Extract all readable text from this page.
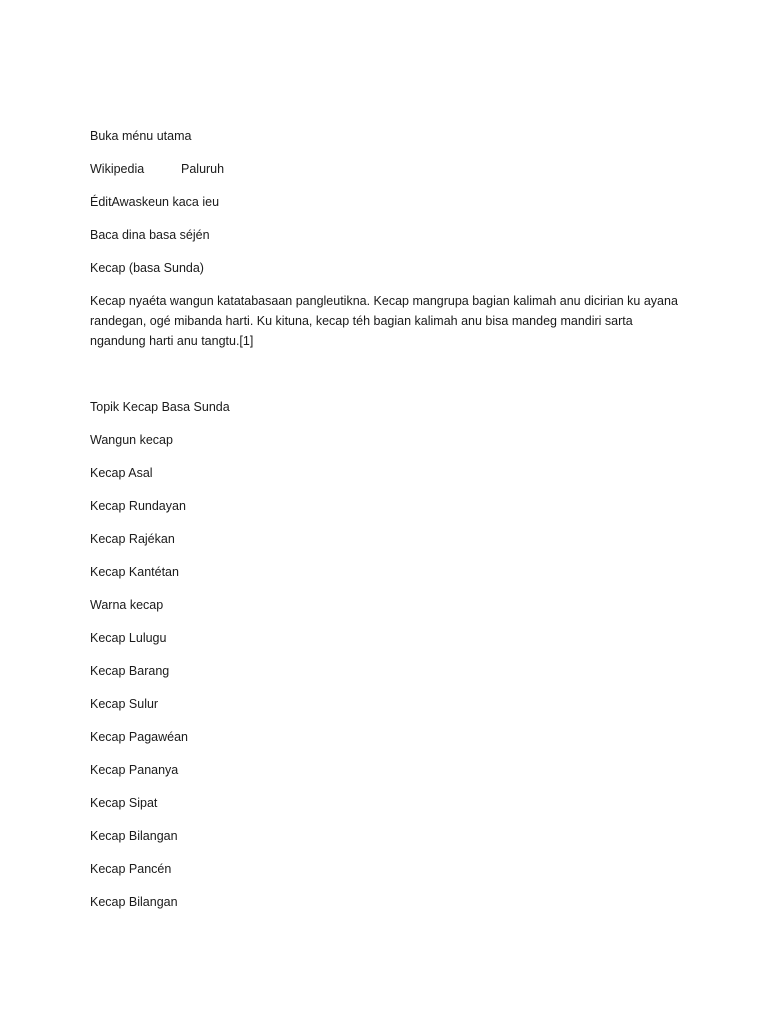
Buka ménu utama
Wikipedia	Paluruh
ÉditAwaskeun kaca ieu
Baca dina basa séjén
Kecap (basa Sunda)
Kecap nyaéta wangun katatabasaan pangleutikna. Kecap mangrupa bagian kalimah anu dicirian ku ayana randegan, ogé mibanda harti. Ku kituna, kecap téh bagian kalimah anu bisa mandeg mandiri sarta ngandung harti anu tangtu.[1]
Topik Kecap Basa Sunda
Wangun kecap
Kecap Asal
Kecap Rundayan
Kecap Rajékan
Kecap Kantétan
Warna kecap
Kecap Lulugu
Kecap Barang
Kecap Sulur
Kecap Pagawéan
Kecap Pananya
Kecap Sipat
Kecap Bilangan
Kecap Pancén
Kecap Bilangan
